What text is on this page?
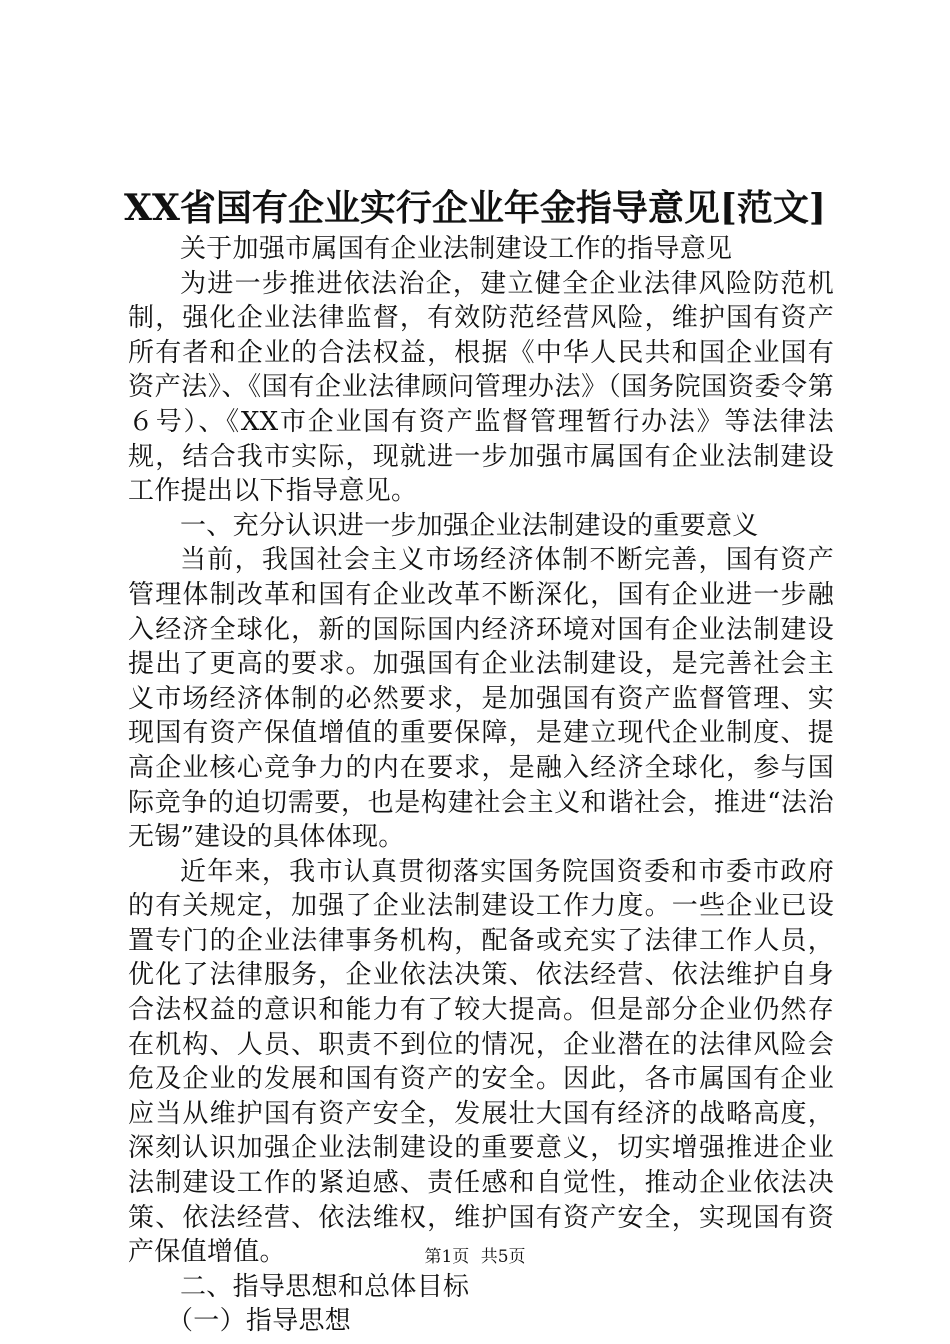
XX省国有企业实行企业年金指导意见[范文]

关于加强市属国有企业法制建设工作的指导意见

为进一步推进依法治企，建立健全企业法律风险防范机制，强化企业法律监督，有效防范经营风险，维护国有资产所有者和企业的合法权益，根据《中华人民共和国企业国有资产法》、《国有企业法律顾问管理办法》（国务院国资委令第６号）、《XX市企业国有资产监督管理暂行办法》等法律法规，结合我市实际，现就进一步加强市属国有企业法制建设工作提出以下指导意见。

一、充分认识进一步加强企业法制建设的重要意义

当前，我国社会主义市场经济体制不断完善，国有资产管理体制改革和国有企业改革不断深化，国有企业进一步融入经济全球化，新的国际国内经济环境对国有企业法制建设提出了更高的要求。加强国有企业法制建设，是完善社会主义市场经济体制的必然要求，是加强国有资产监督管理、实现国有资产保值增值的重要保障，是建立现代企业制度、提高企业核心竞争力的内在要求，是融入经济全球化，参与国际竞争的迫切需要，也是构建社会主义和谐社会，推进“法治无锡”建设的具体体现。

近年来，我市认真贯彻落实国务院国资委和市委市政府的有关规定，加强了企业法制建设工作力度。一些企业已设置专门的企业法律事务机构，配备或充实了法律工作人员，优化了法律服务，企业依法决策、依法经营、依法维护自身合法权益的意识和能力有了较大提高。但是部分企业仍然存在机构、人员、职责不到位的情况，企业潜在的法律风险会危及企业的发展和国有资产的安全。因此，各市属国有企业应当从维护国有资产安全，发展壮大国有经济的战略高度，深刻认识加强企业法制建设的重要意义，切实增强推进企业法制建设工作的紧迫感、责任感和自觉性，推动企业依法决策、依法经营、依法维权，维护国有资产安全，实现国有资产保值增值。

二、指导思想和总体目标

（一）指导思想

第1页 共5页
